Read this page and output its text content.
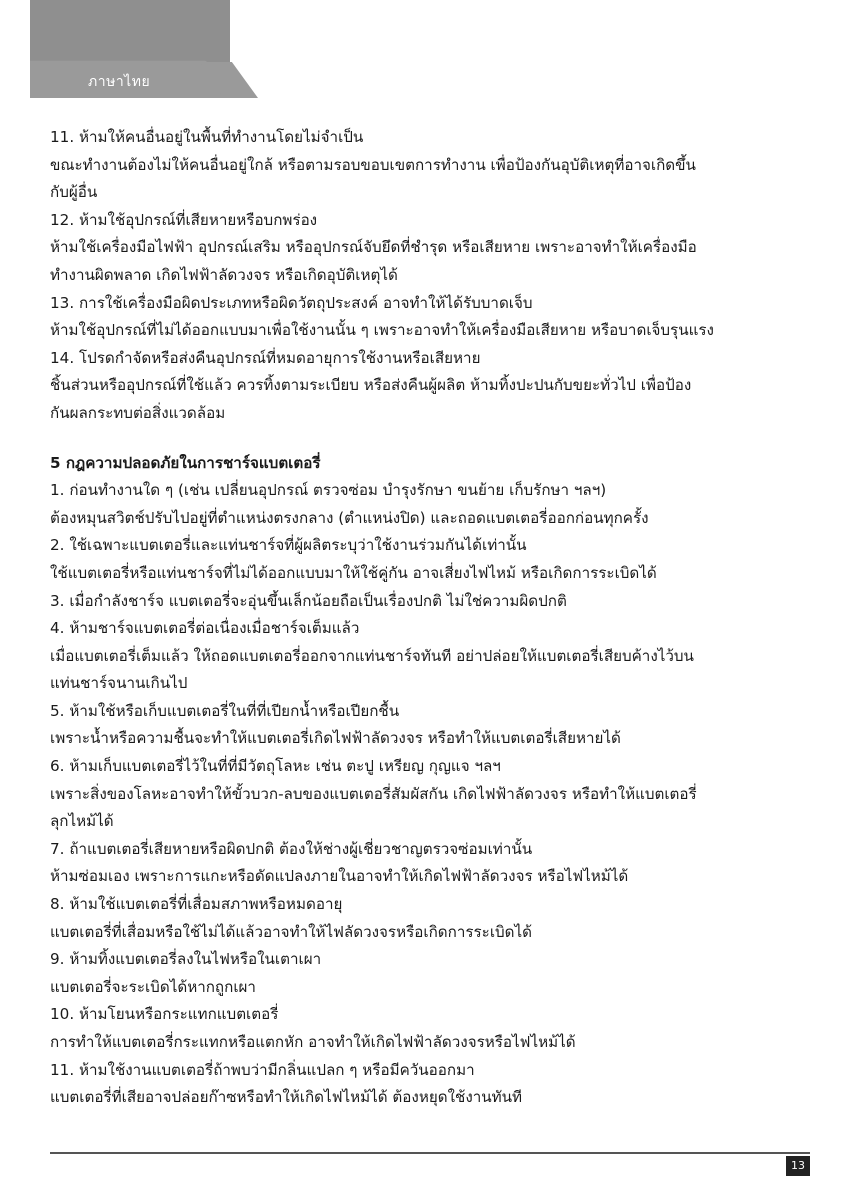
ภาษาไทย
11. ห้ามให้คนอื่นอยู่ในพื้นที่ทำงานโดยไม่จำเป็น
ขณะทำงานต้องไม่ให้คนอื่นอยู่ใกล้ หรือตามรอบขอบเขตการทำงาน เพื่อป้องกันอุบัติเหตุที่อาจเกิดขึ้น
กับผู้อื่น
12. ห้ามใช้อุปกรณ์ที่เสียหายหรือบกพร่อง
ห้ามใช้เครื่องมือไฟฟ้า อุปกรณ์เสริม หรืออุปกรณ์จับยึดที่ชำรุด หรือเสียหาย เพราะอาจทำให้เครื่องมือ
ทำงานผิดพลาด เกิดไฟฟ้าลัดวงจร หรือเกิดอุบัติเหตุได้
13. การใช้เครื่องมือผิดประเภทหรือผิดวัตถุประสงค์ อาจทำให้ได้รับบาดเจ็บ
ห้ามใช้อุปกรณ์ที่ไม่ได้ออกแบบมาเพื่อใช้งานนั้น ๆ เพราะอาจทำให้เครื่องมือเสียหาย หรือบาดเจ็บรุนแรง
14. โปรดกำจัดหรือส่งคืนอุปกรณ์ที่หมดอายุการใช้งานหรือเสียหาย
ชิ้นส่วนหรืออุปกรณ์ที่ใช้แล้ว ควรทิ้งตามระเบียบ หรือส่งคืนผู้ผลิต ห้ามทิ้งปะปนกับขยะทั่วไป เพื่อป้อง
กันผลกระทบต่อสิ่งแวดล้อม
5 กฎความปลอดภัยในการชาร์จแบตเตอรี่
1. ก่อนทำงานใด ๆ (เช่น เปลี่ยนอุปกรณ์ ตรวจซ่อม บำรุงรักษา ขนย้าย เก็บรักษา ฯลฯ)
ต้องหมุนสวิตช์ปรับไปอยู่ที่ตำแหน่งตรงกลาง (ตำแหน่งปิด) และถอดแบตเตอรี่ออกก่อนทุกครั้ง
2. ใช้เฉพาะแบตเตอรี่และแท่นชาร์จที่ผู้ผลิตระบุว่าใช้งานร่วมกันได้เท่านั้น
ใช้แบตเตอรี่หรือแท่นชาร์จที่ไม่ได้ออกแบบมาให้ใช้คู่กัน อาจเสี่ยงไฟไหม้ หรือเกิดการระเบิดได้
3. เมื่อกำลังชาร์จ แบตเตอรี่จะอุ่นขึ้นเล็กน้อยถือเป็นเรื่องปกติ ไม่ใช่ความผิดปกติ
4. ห้ามชาร์จแบตเตอรี่ต่อเนื่องเมื่อชาร์จเต็มแล้ว
เมื่อแบตเตอรี่เต็มแล้ว ให้ถอดแบตเตอรี่ออกจากแท่นชาร์จทันที อย่าปล่อยให้แบตเตอรี่เสียบค้างไว้บน
แท่นชาร์จนานเกินไป
5. ห้ามใช้หรือเก็บแบตเตอรี่ในที่ที่เปียกน้ำหรือเปียกชื้น
เพราะน้ำหรือความชื้นจะทำให้แบตเตอรี่เกิดไฟฟ้าลัดวงจร หรือทำให้แบตเตอรี่เสียหายได้
6. ห้ามเก็บแบตเตอรี่ไว้ในที่ที่มีวัตถุโลหะ เช่น ตะปู เหรียญ กุญแจ ฯลฯ
เพราะสิ่งของโลหะอาจทำให้ขั้วบวก-ลบของแบตเตอรี่สัมผัสกัน เกิดไฟฟ้าลัดวงจร หรือทำให้แบตเตอรี่
ลุกไหม้ได้
7. ถ้าแบตเตอรี่เสียหายหรือผิดปกติ ต้องให้ช่างผู้เชี่ยวชาญตรวจซ่อมเท่านั้น
ห้ามซ่อมเอง เพราะการแกะหรือดัดแปลงภายในอาจทำให้เกิดไฟฟ้าลัดวงจร หรือไฟไหม้ได้
8. ห้ามใช้แบตเตอรี่ที่เสื่อมสภาพหรือหมดอายุ
แบตเตอรี่ที่เสื่อมหรือใช้ไม่ได้แล้วอาจทำให้ไฟลัดวงจรหรือเกิดการระเบิดได้
9. ห้ามทิ้งแบตเตอรี่ลงในไฟหรือในเตาเผา
แบตเตอรี่จะระเบิดได้หากถูกเผา
10. ห้ามโยนหรือกระแทกแบตเตอรี่
การทำให้แบตเตอรี่กระแทกหรือแตกหัก อาจทำให้เกิดไฟฟ้าลัดวงจรหรือไฟไหม้ได้
11. ห้ามใช้งานแบตเตอรี่ถ้าพบว่ามีกลิ่นแปลก ๆ หรือมีควันออกมา
แบตเตอรี่ที่เสียอาจปล่อยก๊าซหรือทำให้เกิดไฟไหม้ได้ ต้องหยุดใช้งานทันที
13
